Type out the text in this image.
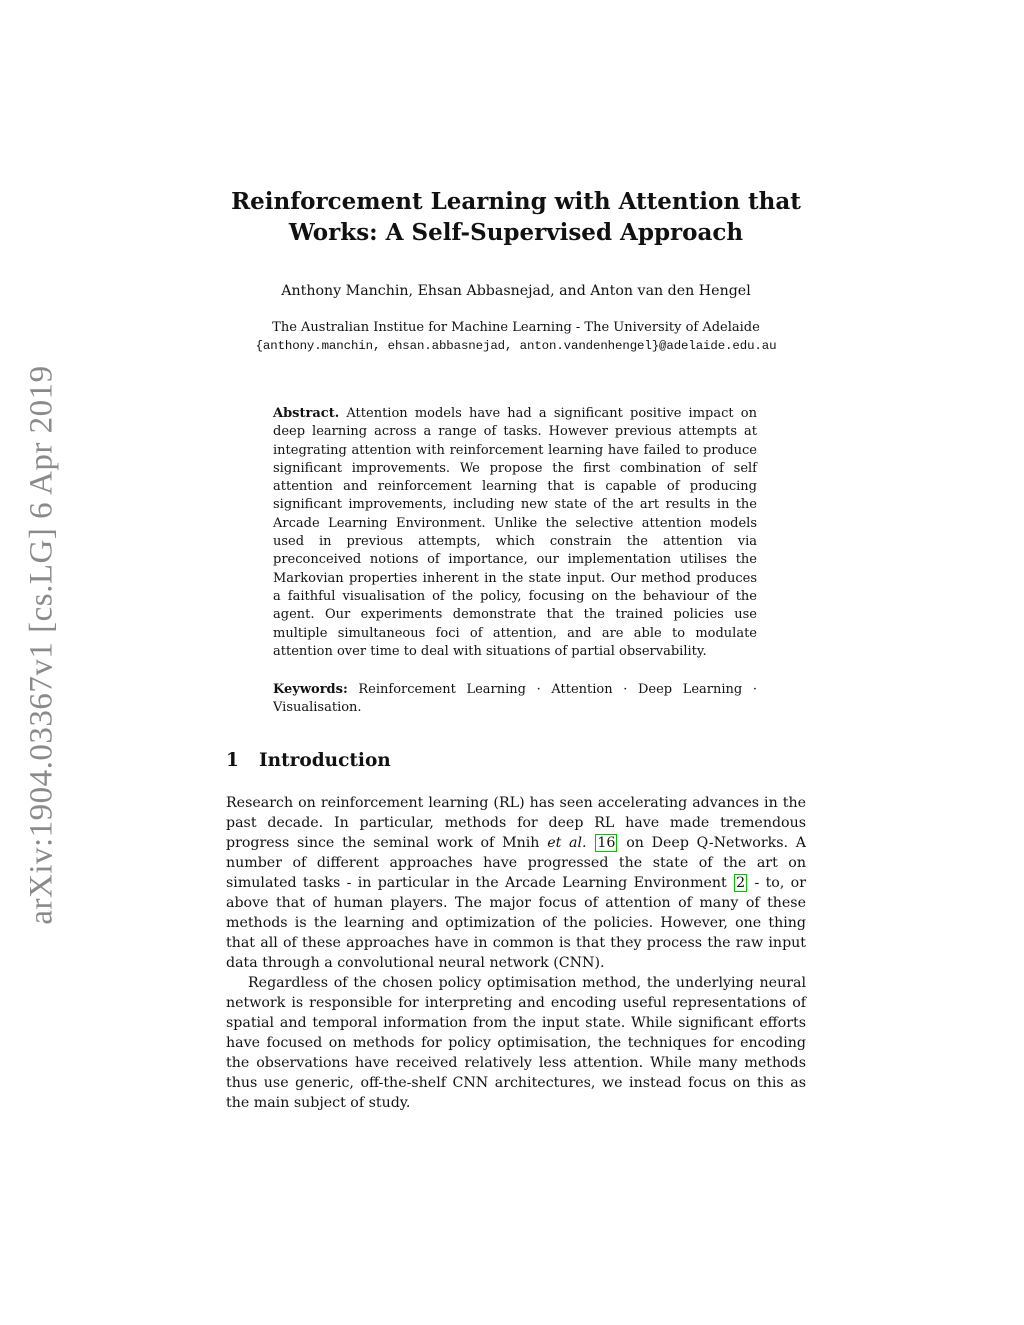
arXiv:1904.03367v1 [cs.LG] 6 Apr 2019
Reinforcement Learning with Attention that
Works: A Self-Supervised Approach
Anthony Manchin, Ehsan Abbasnejad, and Anton van den Hengel
The Australian Institue for Machine Learning - The University of Adelaide
{anthony.manchin, ehsan.abbasnejad, anton.vandenhengel}@adelaide.edu.au
Abstract. Attention models have had a significant positive impact on deep learning across a range of tasks. However previous attempts at integrating attention with reinforcement learning have failed to produce significant improvements. We propose the first combination of self attention and reinforcement learning that is capable of producing significant improvements, including new state of the art results in the Arcade Learning Environment. Unlike the selective attention models used in previous attempts, which constrain the attention via preconceived notions of importance, our implementation utilises the Markovian properties inherent in the state input. Our method produces a faithful visualisation of the policy, focusing on the behaviour of the agent. Our experiments demonstrate that the trained policies use multiple simultaneous foci of attention, and are able to modulate attention over time to deal with situations of partial observability.
Keywords: Reinforcement Learning · Attention · Deep Learning · Visualisation.
1 Introduction

Research on reinforcement learning (RL) has seen accelerating advances in the past decade. In particular, methods for deep RL have made tremendous progress since the seminal work of Mnih et al. 16 on Deep Q-Networks. A number of different approaches have progressed the state of the art on simulated tasks - in particular in the Arcade Learning Environment 2 - to, or above that of human players. The major focus of attention of many of these methods is the learning and optimization of the policies. However, one thing that all of these approaches have in common is that they process the raw input data through a convolutional neural network (CNN).

Regardless of the chosen policy optimisation method, the underlying neural network is responsible for interpreting and encoding useful representations of spatial and temporal information from the input state. While significant efforts have focused on methods for policy optimisation, the techniques for encoding the observations have received relatively less attention. While many methods thus use generic, off-the-shelf CNN architectures, we instead focus on this as the main subject of study.
